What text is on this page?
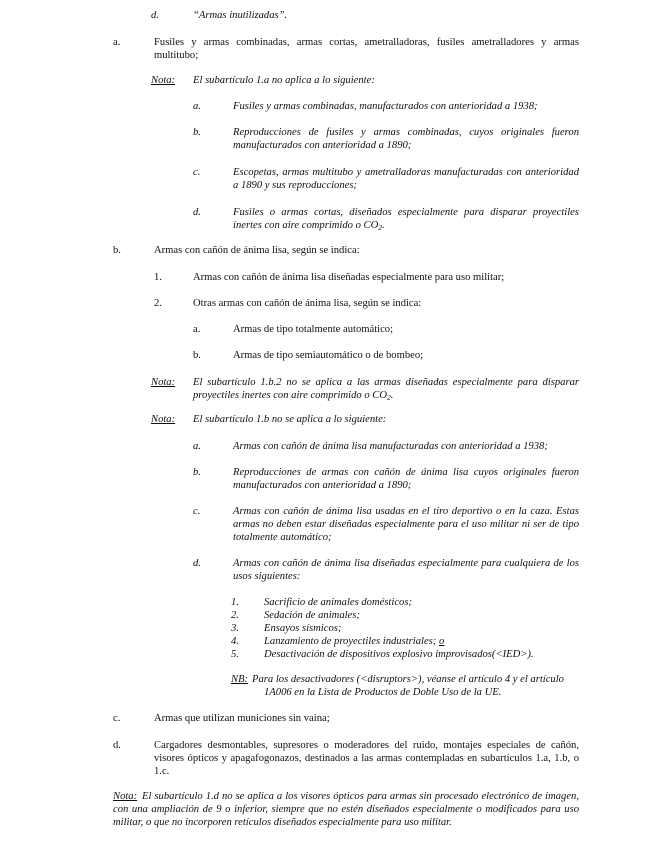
d.	“Armas inutilizadas”.
a.	Fusiles y armas combinadas, armas cortas, ametralladoras, fusiles ametralladores y armas multitubo;
Nota: El subartículo 1.a no aplica a lo siguiente:
a.	Fusiles y armas combinadas, manufacturados con anterioridad a 1938;
b.	Reproducciones de fusiles y armas combinadas, cuyos originales fueron manufacturados con anterioridad a 1890;
c.	Escopetas, armas multitubo y ametralladoras manufacturadas con anterioridad a 1890 y sus reproducciones;
d.	Fusiles o armas cortas, diseñados especialmente para disparar proyectiles inertes con aire comprimido o $CO_2$.
b.	Armas con cañón de ánima lisa, según se indica:
1.	Armas con cañón de ánima lisa diseñadas especialmente para uso militar;
2.	Otras armas con cañón de ánima lisa, según se indica:
a.	Armas de tipo totalmente automático;
b.	Armas de tipo semiautomático o de bombeo;
Nota: El subartículo 1.b.2 no se aplica a las armas diseñadas especialmente para disparar proyectiles inertes con aire comprimido o $CO_2$.
Nota: El subartículo 1.b no se aplica a lo siguiente:
a.	Armas con cañón de ánima lisa manufacturadas con anterioridad a 1938;
b.	Reproducciones de armas con cañón de ánima lisa cuyos originales fueron manufacturados con anterioridad a 1890;
c.	Armas con cañón de ánima lisa usadas en el tiro deportivo o en la caza. Estas armas no deben estar diseñadas especialmente para el uso militar ni ser de tipo totalmente automático;
d.	Armas con cañón de ánima lisa diseñadas especialmente para cualquiera de los usos siguientes:
1. Sacrificio de animales domésticos;
2. Sedación de animales;
3. Ensayos sísmicos;
4. Lanzamiento de proyectiles industriales; o
5. Desactivación de dispositivos explosivo improvisados(<IED>).
NB: Para los desactivadores (<disruptors>), véanse el artículo 4 y el artículo
1A006 en la Lista de Productos de Doble Uso de la UE.
c.	Armas que utilizan municiones sin vaina;
d.	Cargadores desmontables, supresores o moderadores del ruido, montajes especiales de cañón, visores ópticos y apagafogonazos, destinados a las armas contempladas en subartículos 1.a, 1.b, o 1.c.
Nota: El subartículo 1.d no se aplica a los visores ópticos para armas sin procesado electrónico de imagen, con una ampliación de 9 o inferior, siempre que no estén diseñados especialmente o modificados para uso militar, o que no incorporen retículos diseñados especialmente para uso militar.
